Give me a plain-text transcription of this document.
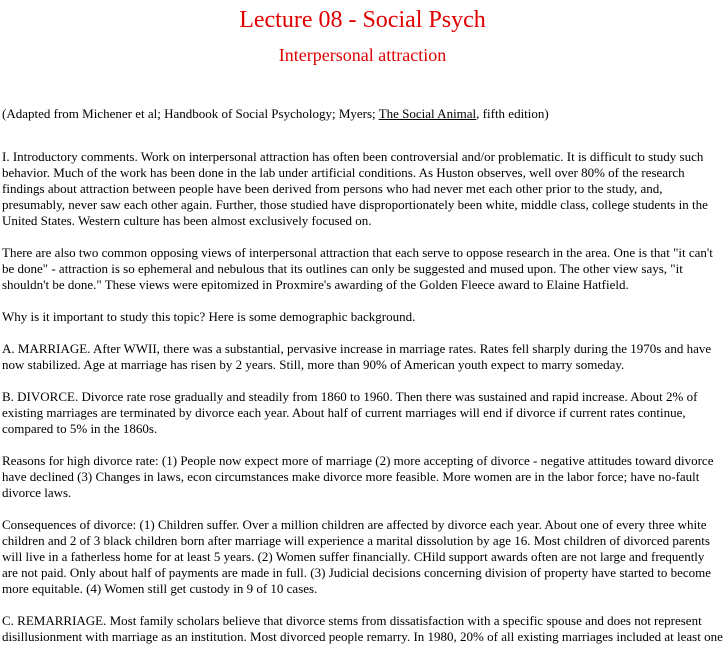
Lecture 08 - Social Psych
Interpersonal attraction

(Adapted from Michener et al; Handbook of Social Psychology; Myers; The Social Animal, fifth edition)

I. Introductory comments. Work on interpersonal attraction has often been controversial and/or problematic. It is difficult to study such behavior. Much of the work has been done in the lab under artificial conditions. As Huston observes, well over 80% of the research findings about attraction between people have been derived from persons who had never met each other prior to the study, and, presumably, never saw each other again. Further, those studied have disproportionately been white, middle class, college students in the United States. Western culture has been almost exclusively focused on.

There are also two common opposing views of interpersonal attraction that each serve to oppose research in the area. One is that "it can't be done" - attraction is so ephemeral and nebulous that its outlines can only be suggested and mused upon. The other view says, "it shouldn't be done." These views were epitomized in Proxmire's awarding of the Golden Fleece award to Elaine Hatfield.

Why is it important to study this topic? Here is some demographic background.

A. MARRIAGE. After WWII, there was a substantial, pervasive increase in marriage rates. Rates fell sharply during the 1970s and have now stabilized. Age at marriage has risen by 2 years. Still, more than 90% of American youth expect to marry someday.

B. DIVORCE. Divorce rate rose gradually and steadily from 1860 to 1960. Then there was sustained and rapid increase. About 2% of existing marriages are terminated by divorce each year. About half of current marriages will end if divorce if current rates continue, compared to 5% in the 1860s.

Reasons for high divorce rate: (1) People now expect more of marriage (2) more accepting of divorce - negative attitudes toward divorce have declined (3) Changes in laws, econ circumstances make divorce more feasible. More women are in the labor force; have no-fault divorce laws.

Consequences of divorce: (1) Children suffer. Over a million children are affected by divorce each year. About one of every three white children and 2 of 3 black children born after marriage will experience a marital dissolution by age 16. Most children of divorced parents will live in a fatherless home for at least 5 years. (2) Women suffer financially. CHild support awards often are not large and frequently are not paid. Only about half of payments are made in full. (3) Judicial decisions concerning division of property have started to become more equitable. (4) Women still get custody in 9 of 10 cases.

C. REMARRIAGE. Most family scholars believe that divorce stems from dissatisfaction with a specific spouse and does not represent disillusionment with marriage as an institution. Most divorced people remarry. In 1980, 20% of all existing marriages included at least one
